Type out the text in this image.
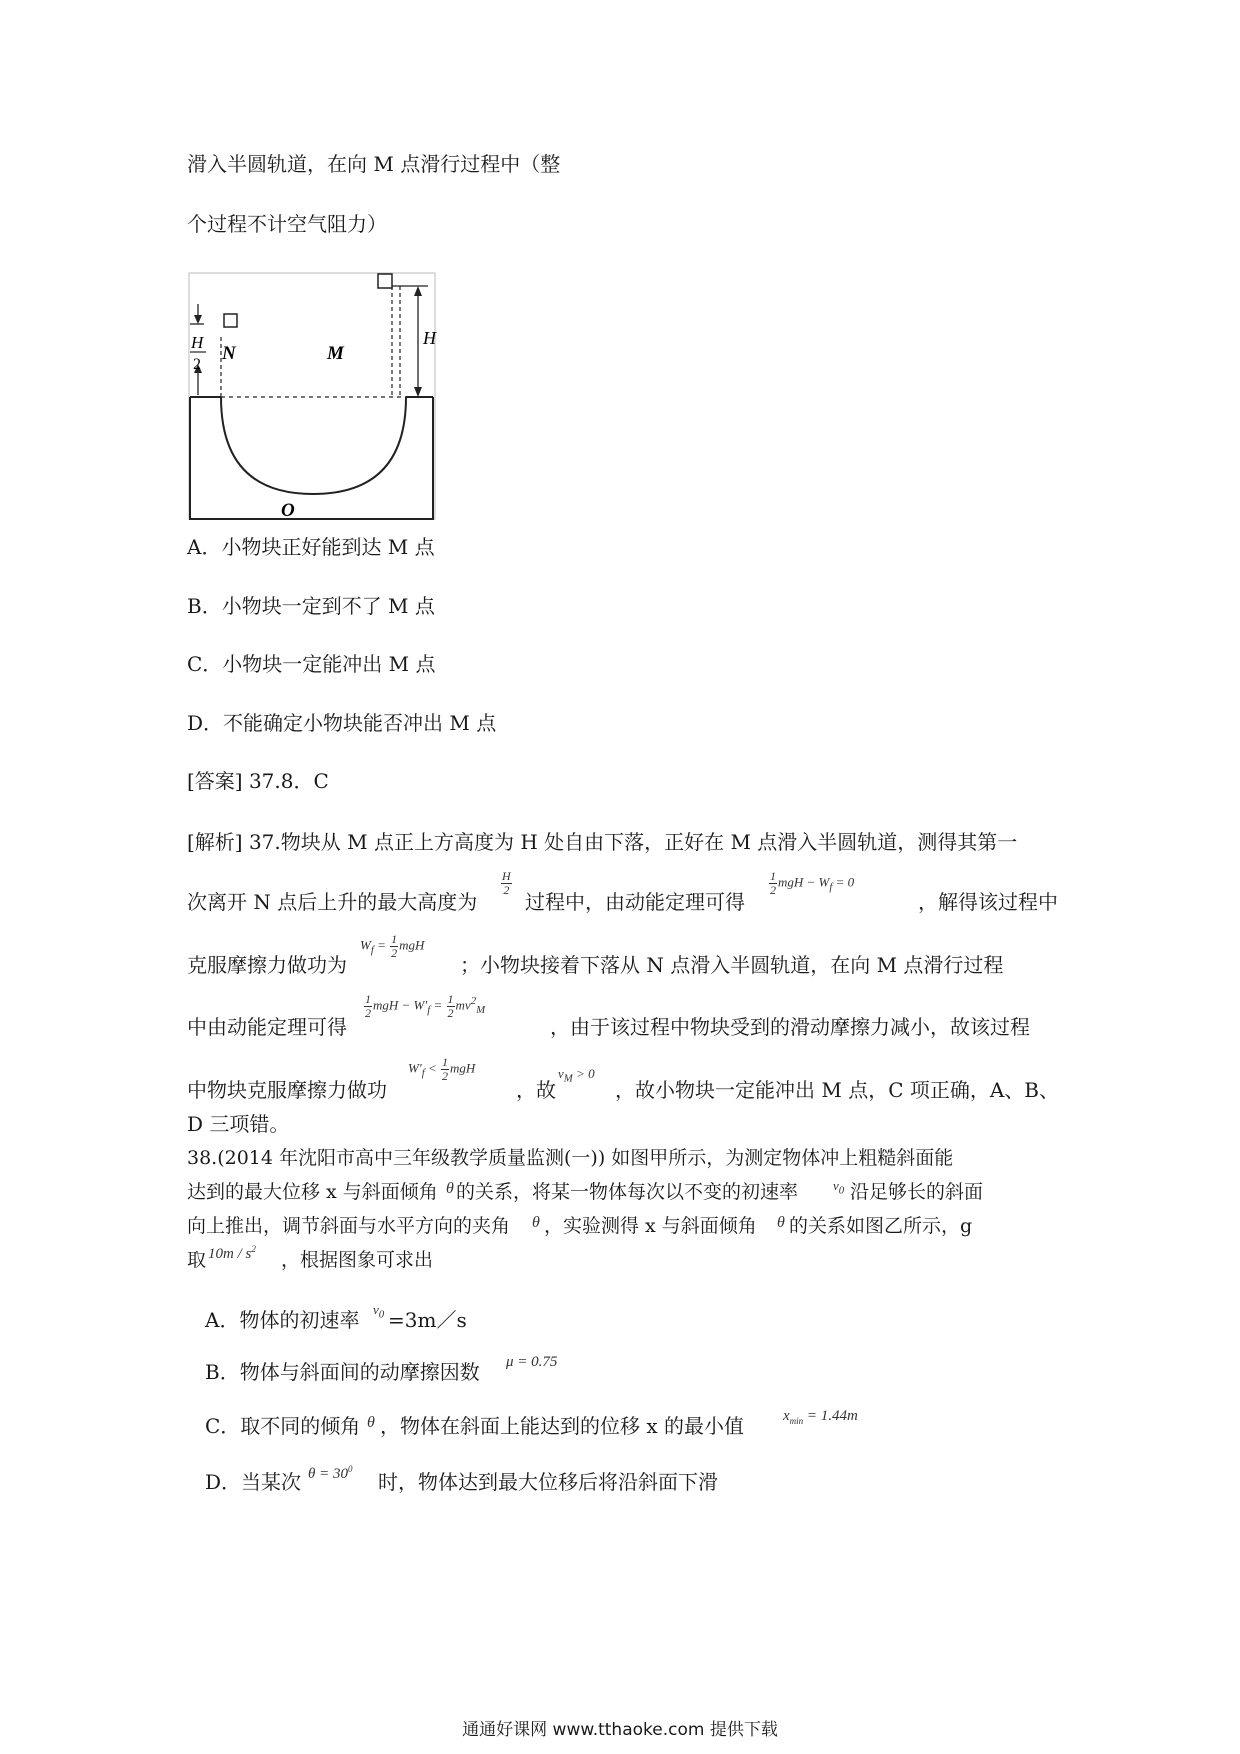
滑入半圆轨道，在向 M 点滑行过程中（整
个过程不计空气阻力）
H
H
2
N	M
O
A．小物块正好能到达 M 点
B．小物块一定到不了 M 点
C．小物块一定能冲出 M 点
D．不能确定小物块能否冲出 M 点
[答案] 37.8．C
[解析] 37.物块从 M 点正上方高度为 H 处自由下落，正好在 M 点滑入半圆轨道，测得其第一
次离开 N 点后上升的最大高度为
$\frac{H}{2}$
过程中，由动能定理可得
$\frac{1}{2}$ mgH − $W_f = 0$
，解得该过程中
克服摩擦力做功为
$W_f = \frac{1}{2}$ mgH
；小物块接着下落从 N 点滑入半圆轨道，在向 M 点滑行过程
中由动能定理可得
$\frac{1}{2}$ mgH − $W'_f = \frac{1}{2} mv^2_M$
，由于该过程中物块受到的滑动摩擦力减小，故该过程
中物块克服摩擦力做功
$W'_f < \frac{1}{2}$ mgH
，故
$v_M > 0$
，故小物块一定能冲出 M 点，C 项正确，A、B、
D 三项错。
38.(2014 年沈阳市高中三年级教学质量监测(一)) 如图甲所示，为测定物体冲上粗糙斜面能
达到的最大位移 x 与斜面倾角 θ 的关系，将某一物体每次以不变的初速率	$v_0$ 沿足够长的斜面
向上推出，调节斜面与水平方向的夹角 θ ，实验测得 x 与斜面倾角 θ 的关系如图乙所示，g
取 $10m / s^2$ ，根据图象可求出
A．物体的初速率 $v_0$ =3m／s
B．物体与斜面间的动摩擦因数 μ = 0.75
C．取不同的倾角 θ ，物体在斜面上能达到的位移 x 的最小值	$x_{min} = 1.44m$
D．当某次 $\theta = 30^0$
时，物体达到最大位移后将沿斜面下滑
通通好课网 www.tthaoke.com 提供下载
